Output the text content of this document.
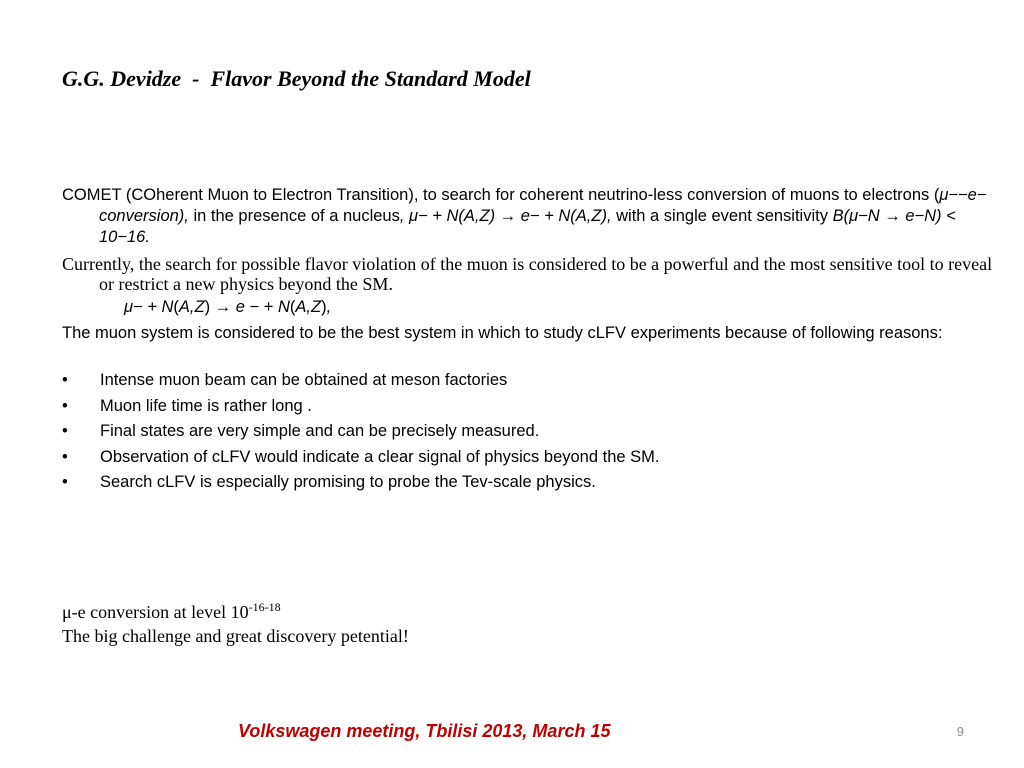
G.G. Devidze  -  Flavor Beyond the Standard Model
COMET (COherent Muon to Electron Transition), to search for coherent neutrino-less conversion of muons to electrons (μ−−e− conversion), in the presence of a nucleus, μ− + N(A,Z) → e− + N(A,Z), with a single event sensitivity B(μ−N → e−N) < 10−16.
Currently, the search for possible flavor violation of the muon is considered to be a powerful and the most sensitive tool to reveal or restrict a new physics beyond the SM.
μ− + N(A,Z) → e − + N(A,Z),
The muon system is considered to be the best system in which to study cLFV experiments because of following reasons:
• Intense muon beam can be obtained at meson factories
• Muon life time is rather long .
• Final states are very simple and can be precisely measured.
• Observation of cLFV would indicate a clear signal of physics beyond the SM.
• Search cLFV is especially promising to probe the Tev-scale physics.
μ-e conversion at level $10^{-16-18}$
The big challenge and great discovery petential!
Volkswagen meeting, Tbilisi 2013, March 15	9
